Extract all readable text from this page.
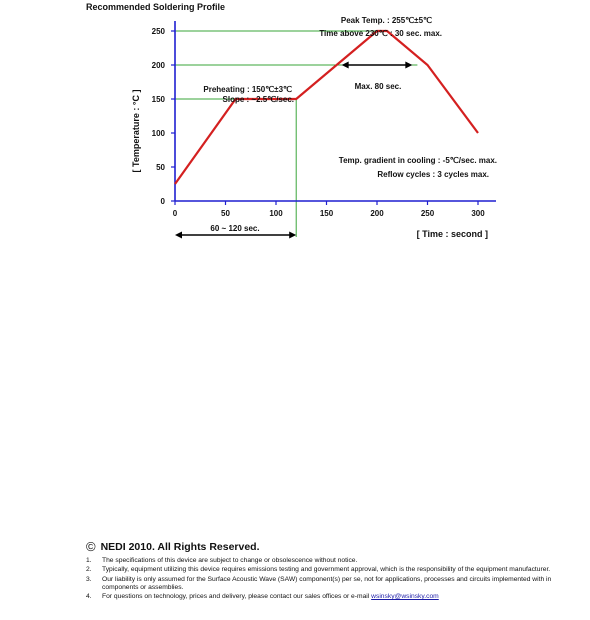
Recommended Soldering Profile
0
50
100
150
200
250
0	50	100	150	200	250	300
Peak Temp. : 255℃±5℃
Time above 230℃ : 30 sec. max.
Max. 80 sec.
Preheating : 150℃±3℃
Slope : ~2.5℃/sec.
Temp. gradient in cooling : -5℃/sec. max.
Reflow cycles : 3 cycles max.
60 ~ 120 sec.
[ Time : second ]
[ Temperature : °C ]
© NEDI 2010. All Rights Reserved.
1.	The specifications of this device are subject to change or obsolescence without notice.
2.	Typically, equipment utilizing this device requires emissions testing and government approval, which is the responsibility of the equipment manufacturer.
3.	Our liability is only assumed for the Surface Acoustic Wave (SAW) component(s) per se, not for applications, processes and circuits implemented with in components or assemblies.
4.	For questions on technology, prices and delivery, please contact our sales offices or e-mail wsinsky@wsinsky.com
